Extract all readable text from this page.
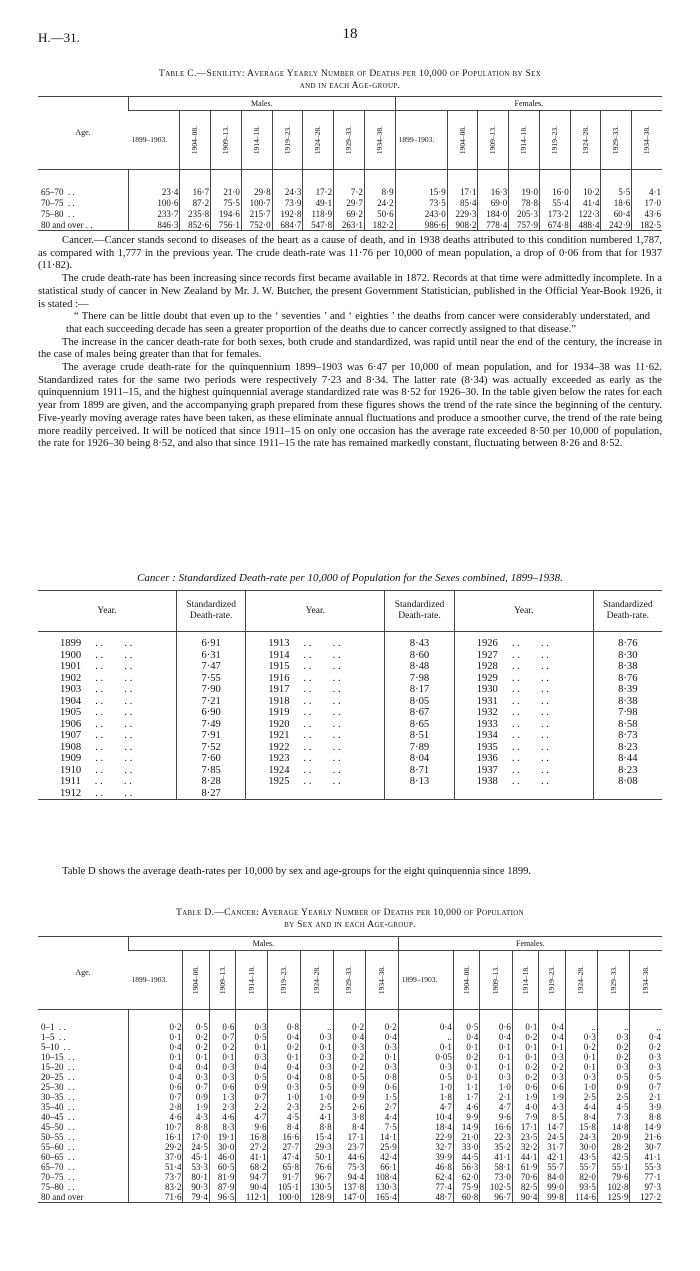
H.—31.	18
Table C.—Senility: Average Yearly Number of Deaths per 10,000 of Population by Sex
and in each Age-group.
Age.	Males.								Females.							

	1899–1903.	1904–08.	1909–13.	1914–18.	1919–23.	1924–28.	1929–33.	1934–38.	1899–1903.	1904–08.	1909–13.	1914–18.	1919–23.	1924–28.	1929–33.	1934–38.

65–70  . .	23·4	16·7	21·0	29·8	24·3	17·2	7·2	8·9	15·9	17·1	16·3	19·0	16·0	10·2	5·5	4·1
70–75  . .	100·6	87·2	75·5	100·7	73·9	49·1	29·7	24·2	73·5	85·4	69·0	78·8	55·4	41·4	18·6	17·0
75–80  . .	233·7	235·8	194·6	215·7	192·8	118·9	69·2	50·6	243·0	229·3	184·0	205·3	173·2	122·3	60·4	43·6
80 and over . .	846·3	852·6	756·1	752·0	684·7	547·8	263·1	182·2	986·6	908·2	778·4	757·9	674·8	488·4	242·9	182·5

Cancer.—Cancer stands second to diseases of the heart as a cause of death, and in 1938 deaths attributed to this condition numbered 1,787, as compared with 1,777 in the previous year. The crude death-rate was 11·76 per 10,000 of mean population, a drop of 0·06 from that for 1937 (11·82).

The crude death-rate has been increasing since records first became available in 1872. Records at that time were admittedly incomplete. In a statistical study of cancer in New Zealand by Mr. J. W. Butcher, the present Government Statistician, published in the Official Year-Book 1926, it is stated :—

“ There can be little doubt that even up to the ‘ seventies ’ and ‘ eighties ’ the deaths from cancer were considerably understated, and that each succeeding decade has seen a greater proportion of the deaths due to cancer correctly assigned to that disease.”

The increase in the cancer death-rate for both sexes, both crude and standardized, was rapid until near the end of the century, the increase in the case of males being greater than that for females.

The average crude death-rate for the quinquennium 1899–1903 was 6·47 per 10,000 of mean population, and for 1934–38 was 11·62. Standardized rates for the same two periods were respectively 7·23 and 8·34. The latter rate (8·34) was actually exceeded as early as the quinquennium 1911–15, and the highest quinquennial average standardized rate was 8·52 for 1926–30. In the table given below the rates for each year from 1899 are given, and the accompanying graph prepared from these figures shows the trend of the rate since the beginning of the century. Five-yearly moving average rates have been taken, as these eliminate annual fluctuations and produce a smoother curve, the trend of the rate being more readily perceived. It will be noticed that since 1911–15 on only one occasion has the average rate exceeded 8·50 per 10,000 of population, the rate for 1926–30 being 8·52, and also that since 1911–15 the rate has remained markedly constant, fluctuating between 8·26 and 8·52.

Cancer : Standardized Death-rate per 10,000 of Population for the Sexes combined, 1899–1938.
Year.	Standardized Death-rate.	Year.	Standardized Death-rate.	Year.	Standardized Death-rate.
1899 . .        . .	6·91	1913 . .        . .	8·43	1926 . .        . .	8·76
1900 . .        . .	6·31	1914 . .        . .	8·60	1927 . .        . .	8·30
1901 . .        . .	7·47	1915 . .        . .	8·48	1928 . .        . .	8·38
1902 . .        . .	7·55	1916 . .        . .	7·98	1929 . .        . .	8·76
1903 . .        . .	7·90	1917 . .        . .	8·17	1930 . .        . .	8·39
1904 . .        . .	7·21	1918 . .        . .	8·05	1931 . .        . .	8·38
1905 . .        . .	6·90	1919 . .        . .	8·67	1932 . .        . .	7·98
1906 . .        . .	7·49	1920 . .        . .	8·65	1933 . .        . .	8·58
1907 . .        . .	7·91	1921 . .        . .	8·51	1934 . .        . .	8·73
1908 . .        . .	7·52	1922 . .        . .	7·89	1935 . .        . .	8·23
1909 . .        . .	7·60	1923 . .        . .	8·04	1936 . .        . .	8·44
1910 . .        . .	7·85	1924 . .        . .	8·71	1937 . .        . .	8·23
1911 . .        . .	8·28	1925 . .        . .	8·13	1938 . .        . .	8·08
1912 . .        . .	8·27				

Table D shows the average death-rates per 10,000 by sex and age-groups for the eight quinquennia since 1899.

Table D.—Cancer: Average Yearly Number of Deaths per 10,000 of Population
by Sex and in each Age-group.
Age.	Males.								Females.							

	1899–1903.	1904–08.	1909–13.	1914–18.	1919–23.	1924–28.	1929–33.	1934–38.	1899–1903.	1904–08.	1909–13.	1914–18.	1919–23.	1924–28.	1929–33.	1934–38.

0–1  . .	0·2	0·5	0·6	0·3	0·8	..	0·2	0·2	0·4	0·5	0·6	0·1	0·4	..	..	..
1–5  . .	0·1	0·2	0·7	0·5	0·4	0·3	0·4	0·4	..	0·4	0·4	0·2	0·4	0·3	0·3	0·4
5–10  . .	0·4	0·2	0·2	0·1	0·2	0·1	0·3	0·3	0·1	0·1	0·1	0·1	0·1	0·2	0·2	0·2
10–15  . .	0·1	0·1	0·1	0·3	0·1	0·3	0·2	0·1	0·05	0·2	0·1	0·1	0·3	0·1	0·2	0·3
15–20  . .	0·4	0·4	0·3	0·4	0·4	0·3	0·2	0·3	0·3	0·1	0·1	0·2	0·2	0·1	0·3	0·3
20–25  . .	0·4	0·3	0·3	0·5	0·4	0·8	0·5	0·8	0·5	0·1	0·3	0·2	0·3	0·3	0·5	0·5
25–30  . .	0·6	0·7	0·6	0·9	0·3	0·5	0·9	0·6	1·0	1·1	1·0	0·6	0·6	1·0	0·9	0·7
30–35  . .	0·7	0·9	1·3	0·7	1·0	1·0	0·9	1·5	1·8	1·7	2·1	1·9	1·9	2·5	2·5	2·1
35–40  . .	2·8	1·9	2·3	2·2	2·3	2·5	2·6	2·7	4·7	4·6	4·7	4·0	4·3	4·4	4·5	3·9
40–45  . .	4·6	4·3	4·6	4·7	4·5	4·1	3·8	4·4	10·4	9·9	9·6	7·9	8·5	8·4	7·3	8·8
45–50  . .	10·7	8·8	8·3	9·6	8·4	8·8	8·4	7·5	18·4	14·9	16·6	17·1	14·7	15·8	14·8	14·9
50–55  . .	16·1	17·0	19·1	16·8	16·6	15·4	17·1	14·1	22·9	21·0	22·3	23·5	24·5	24·3	20·9	21·6
55–60  . .	29·2	24·5	30·0	27·2	27·7	29·3	23·7	25·9	32·7	33·0	35·2	32·2	31·7	30·0	28·2	30·7
60–65  . .	37·0	45·1	46·0	41·1	47·4	50·1	44·6	42·4	39·9	44·5	41·1	44·1	42·1	43·5	42·5	41·1
65–70  . .	51·4	53·3	60·5	68·2	65·8	76·6	75·3	66·1	46·8	56·3	58·1	61·9	55·7	55·7	55·1	55·3
70–75  . .	73·7	80·1	81·9	94·7	91·7	96·7	94·4	108·4	62·4	62·0	73·0	70·6	84·0	82·0	79·6	77·1
75–80  . .	83·2	90·3	87·9	90·4	105·1	130·5	137·8	130·3	77·4	75·9	102·5	82·5	99·0	93·5	102·8	97·3
80 and over	71·6	79·4	96·5	112·1	100·0	128·9	147·0	165·4	48·7	60·8	96·7	90·4	99·8	114·6	125·9	127·2
